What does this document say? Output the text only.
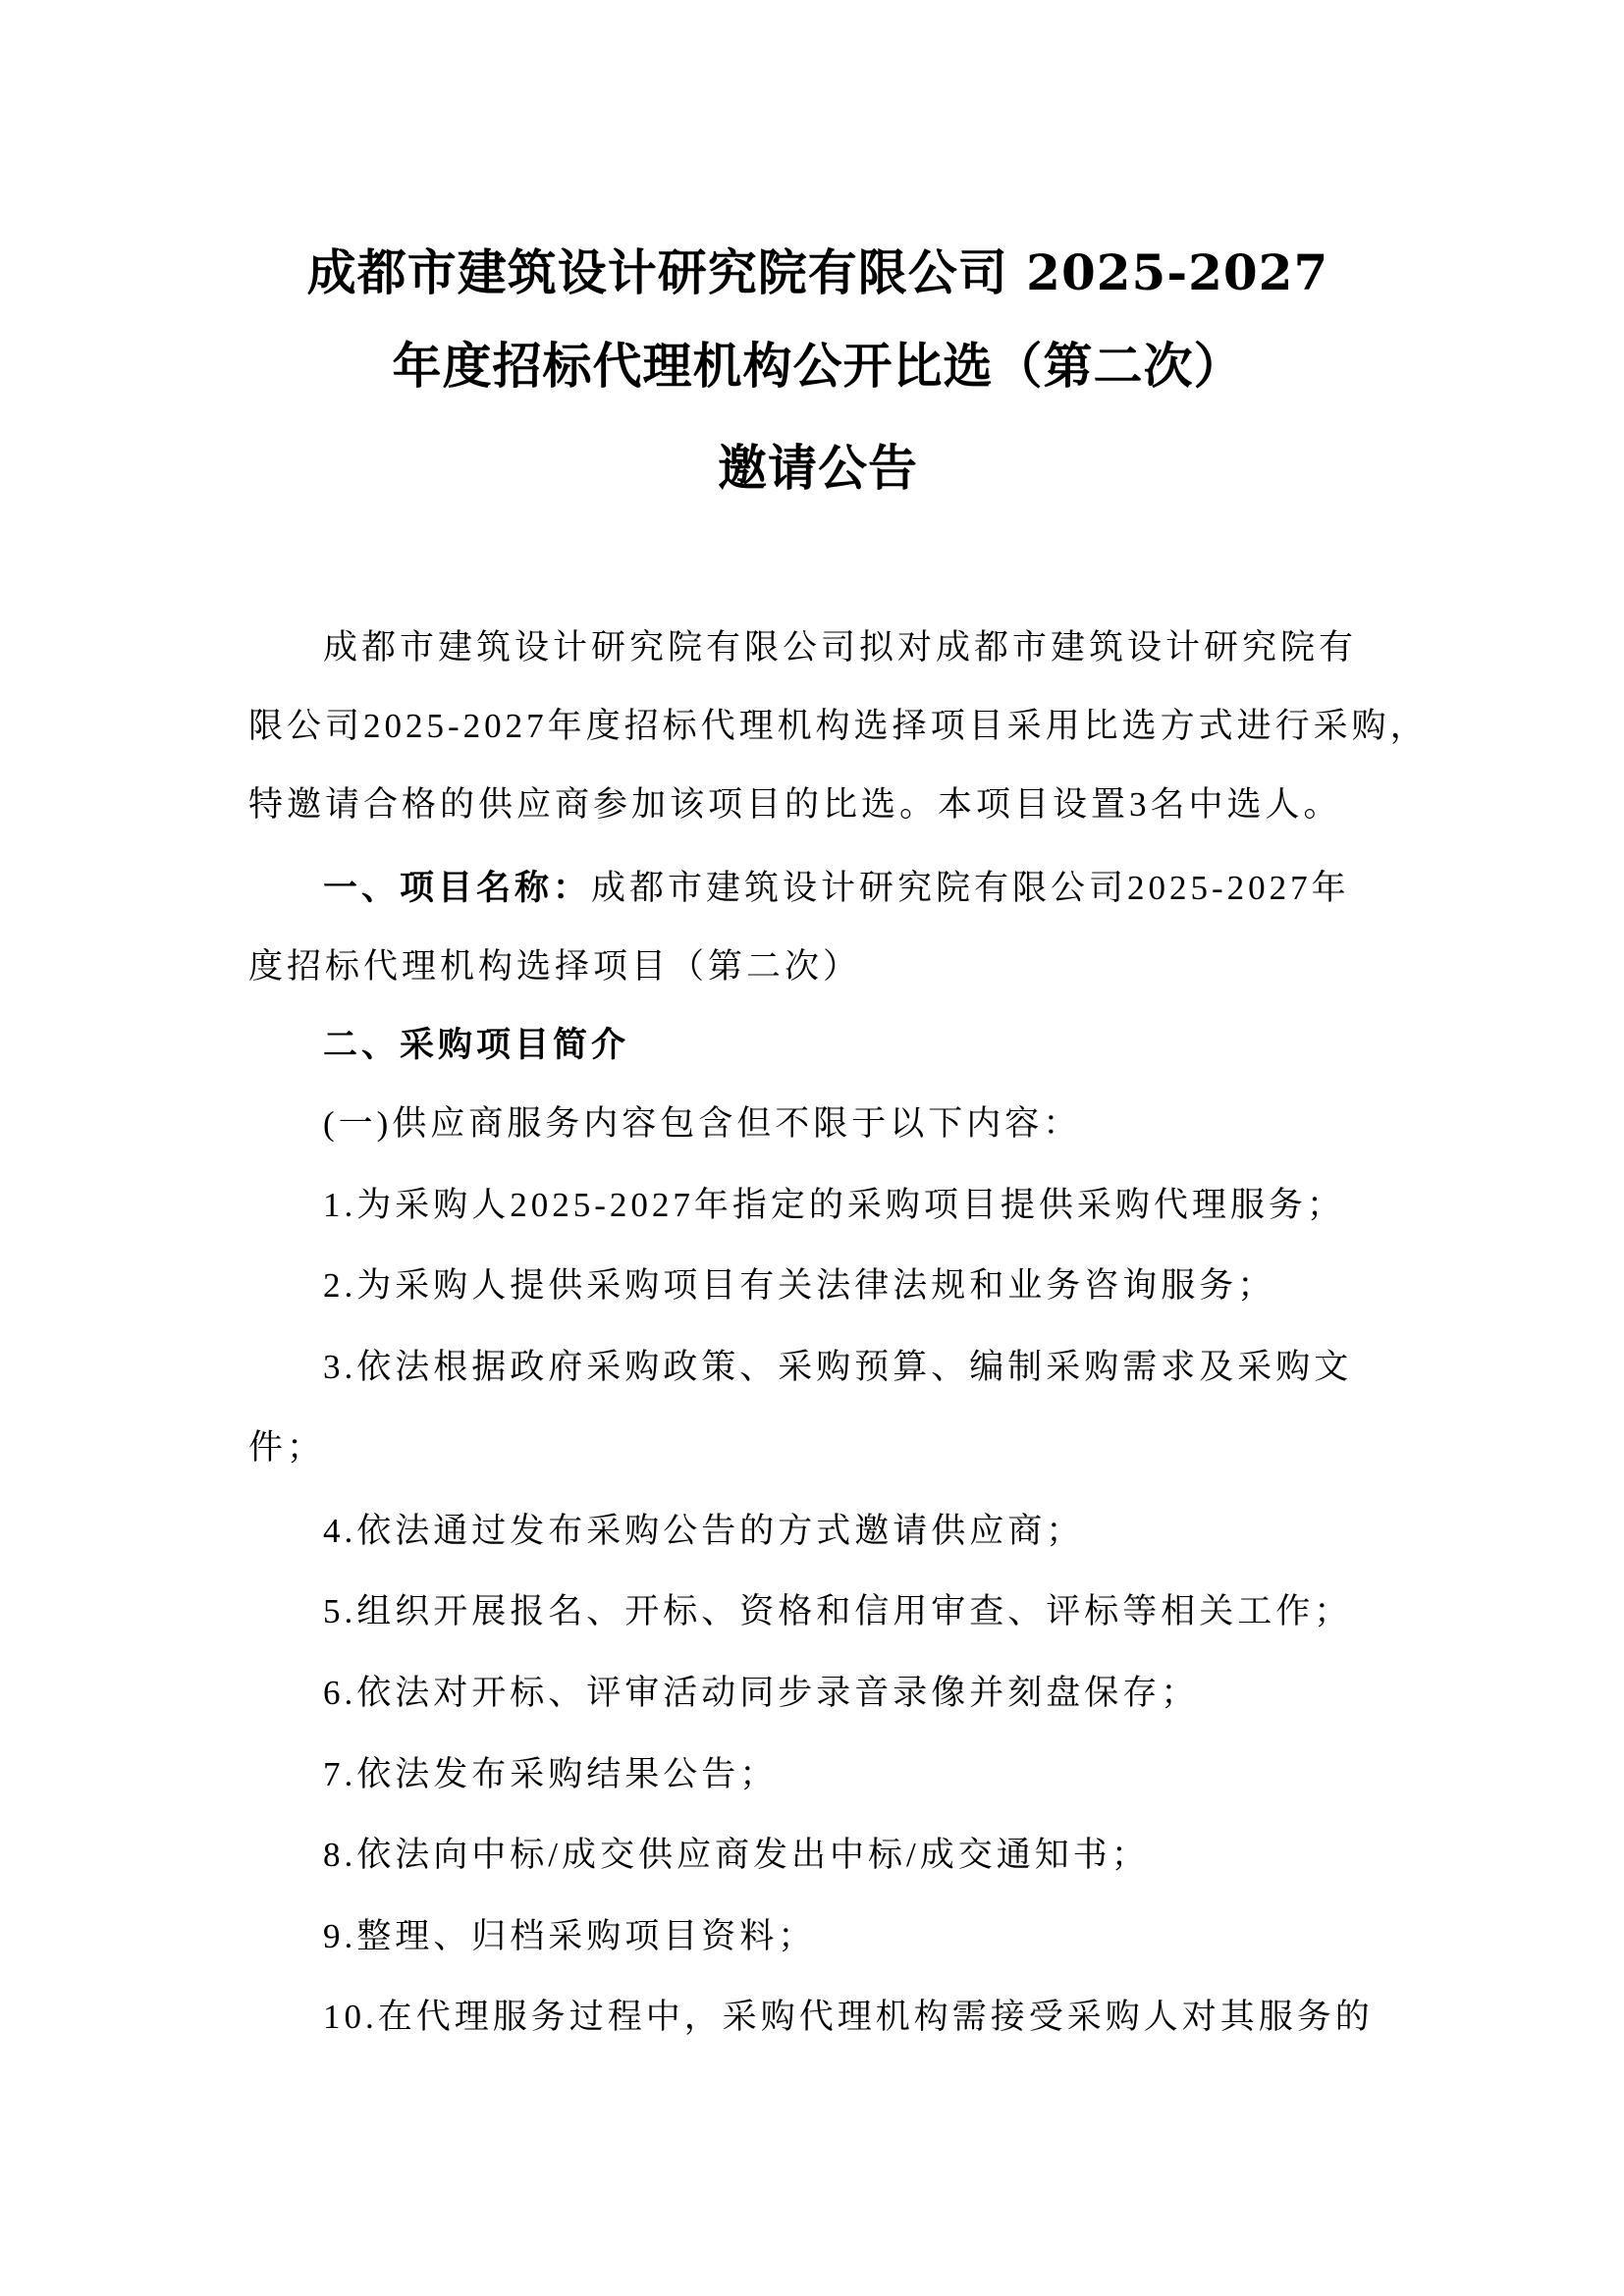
成都市建筑设计研究院有限公司 2025-2027
年度招标代理机构公开比选（第二次）
邀请公告
成都市建筑设计研究院有限公司拟对成都市建筑设计研究院有
限公司2025-2027年度招标代理机构选择项目采用比选方式进行采购，
特邀请合格的供应商参加该项目的比选。本项目设置3名中选人。
一、项目名称：成都市建筑设计研究院有限公司2025-2027年
度招标代理机构选择项目（第二次）
二、采购项目简介
(一)供应商服务内容包含但不限于以下内容：
1.为采购人2025-2027年指定的采购项目提供采购代理服务；
2.为采购人提供采购项目有关法律法规和业务咨询服务；
3.依法根据政府采购政策、采购预算、编制采购需求及采购文
件；
4.依法通过发布采购公告的方式邀请供应商；
5.组织开展报名、开标、资格和信用审查、评标等相关工作；
6.依法对开标、评审活动同步录音录像并刻盘保存；
7.依法发布采购结果公告；
8.依法向中标/成交供应商发出中标/成交通知书；
9.整理、归档采购项目资料；
10.在代理服务过程中，采购代理机构需接受采购人对其服务的
